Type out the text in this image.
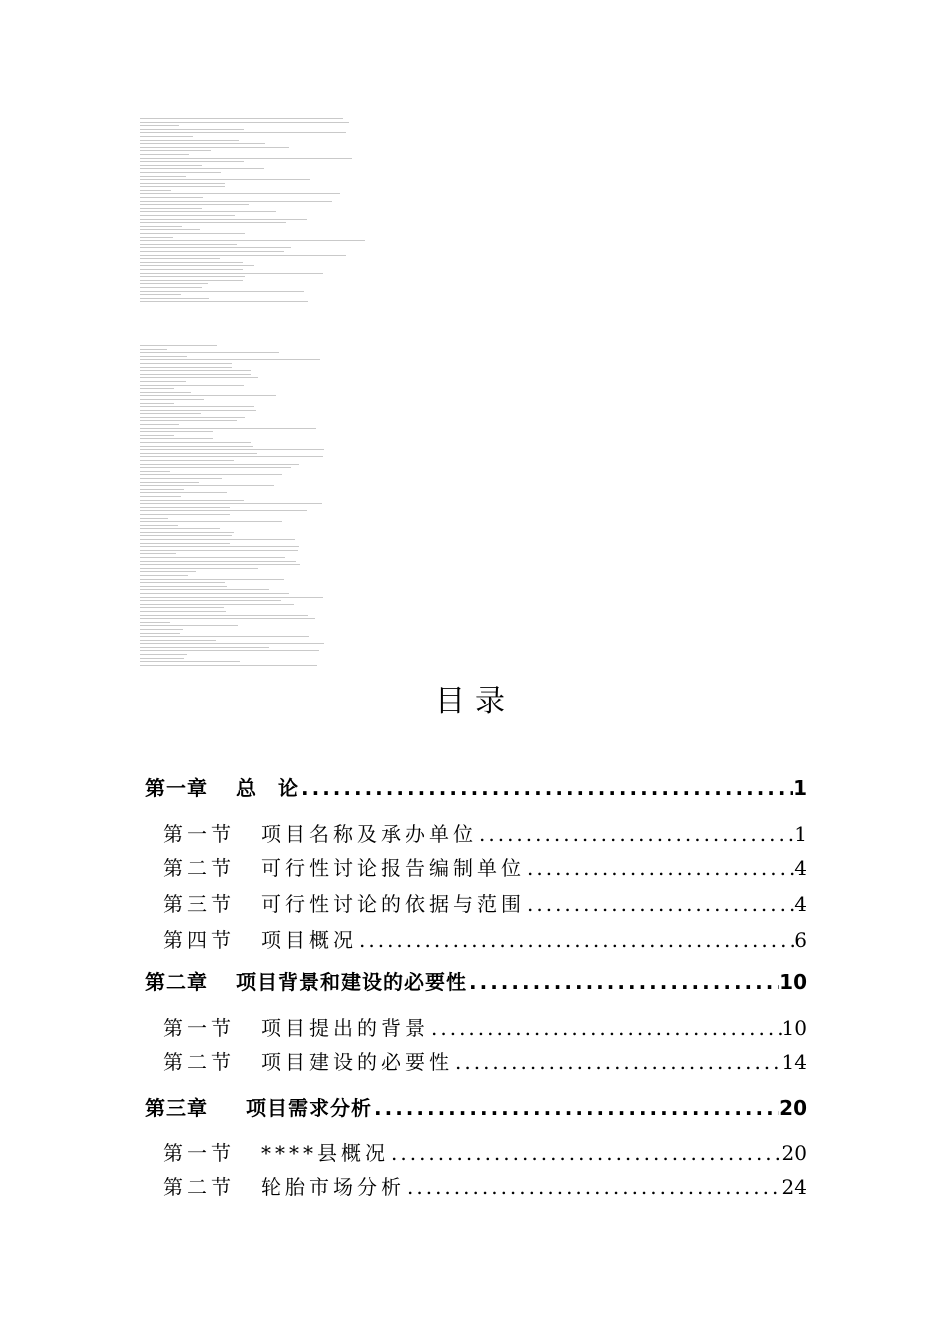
目录
第一章 总　论 .....	1
第一节 项目名称及承办单位 .....	1
第二节 可行性讨论报告编制单位 .....	4
第三节 可行性讨论的依据与范围 .....	4
第四节 项目概况 .....	6
第二章 项目背景和建设的必要性 .....	10
第一节 项目提出的背景 .....	10
第二节 项目建设的必要性 .....	14
第三章 项目需求分析 .....	20
第一节 ****县概况 .....	20
第二节 轮胎市场分析 .....	24
